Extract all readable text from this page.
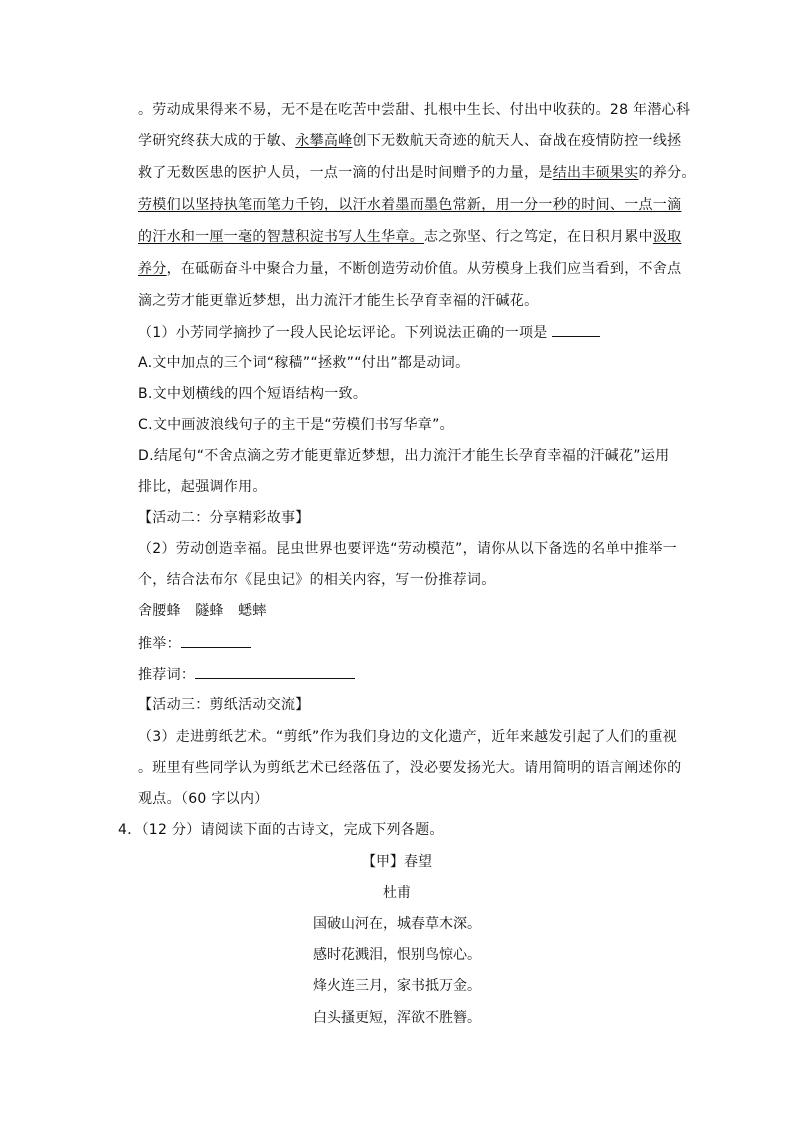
。劳动成果得来不易，无不是在吃苦中尝甜、扎根中生长、付出中收获的。28 年潜心科
学研究终获大成的于敏、永攀高峰创下无数航天奇迹的航天人、奋战在疫情防控一线拯
救了无数医患的医护人员，一点一滴的付出是时间赠予的力量，是结出丰硕果实的养分。
劳模们以坚持执笔而笔力千钧，以汗水着墨而墨色常新，用一分一秒的时间、一点一滴
的汗水和一厘一毫的智慧积淀书写人生华章。志之弥坚、行之笃定，在日积月累中汲取
养分，在砥砺奋斗中聚合力量，不断创造劳动价值。从劳模身上我们应当看到，不舍点
滴之劳才能更靠近梦想，出力流汗才能生长孕育幸福的汗碱花。
（1）小芳同学摘抄了一段人民论坛评论。下列说法正确的一项是
A.文中加点的三个词“稼穑”“拯救”“付出”都是动词。
B.文中划横线的四个短语结构一致。
C.文中画波浪线句子的主干是“劳模们书写华章”。
D.结尾句“不舍点滴之劳才能更靠近梦想，出力流汗才能生长孕育幸福的汗碱花”运用
排比，起强调作用。
【活动二：分享精彩故事】
（2）劳动创造幸福。昆虫世界也要评选“劳动模范”，请你从以下备选的名单中推举一
个，结合法布尔《昆虫记》的相关内容，写一份推荐词。
舍腰蜂　隧蜂　蟋蟀
推举：
推荐词：
【活动三：剪纸活动交流】
（3）走进剪纸艺术。“剪纸”作为我们身边的文化遗产，近年来越发引起了人们的重视
。班里有些同学认为剪纸艺术已经落伍了，没必要发扬光大。请用简明的语言阐述你的
观点。（60 字以内）
4．（12 分）请阅读下面的古诗文，完成下列各题。
【甲】春望
杜甫
国破山河在，城春草木深。
感时花溅泪，恨别鸟惊心。
烽火连三月，家书抵万金。
白头搔更短，浑欲不胜簪。
